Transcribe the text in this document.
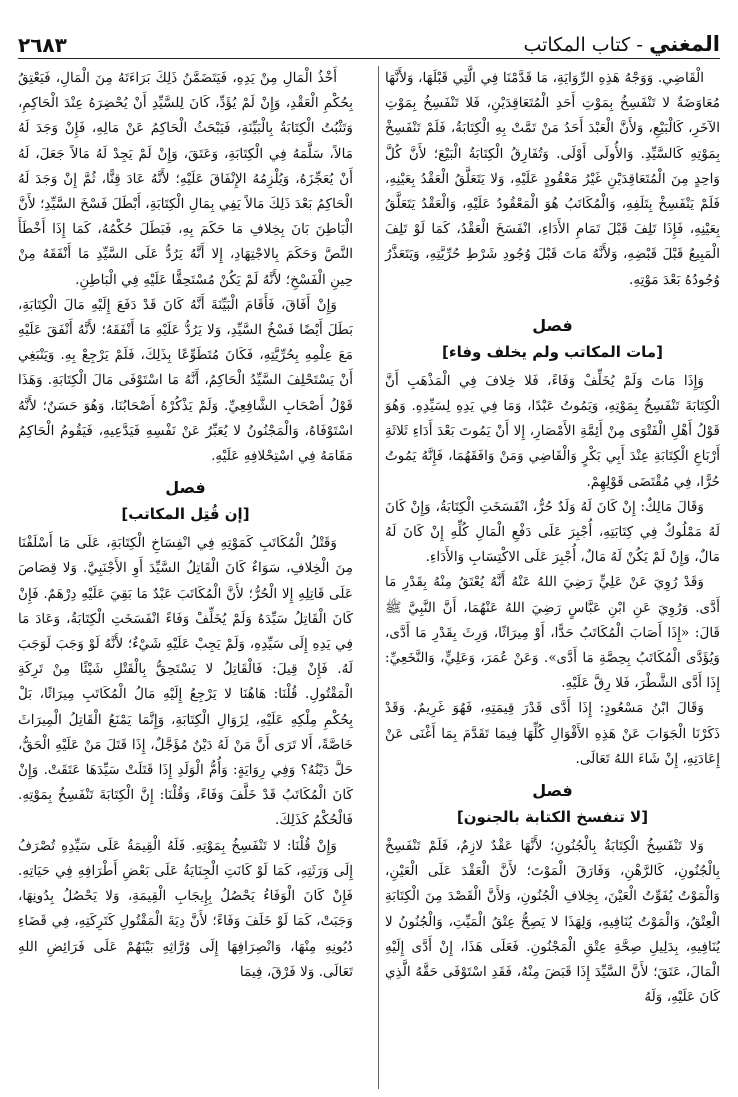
٢٦٨٣	المغني - كتاب المكاتب

الْقَاضِي. وَوَجْهُ هَذِهِ الرِّوَايَةِ، مَا قَدَّمْنَا فِي الَّتِي قَبْلَهَا، وَلأَنَّهَا مُعَاوَضَةٌ لا تَنْفَسِخُ بِمَوْتِ أَحَدِ الْمُتَعَاقِدَيْنِ، فَلا تَنْفَسِخُ بِمَوْتِ الآخَرِ، كَالْبَيْعِ، وَلأَنَّ الْعَبْدَ أَحَدُ مَنْ تَمَّتْ بِهِ الْكِتَابَةُ، فَلَمْ تَنْفَسِخْ بِمَوْتِهِ كَالسَّيِّدِ. وَالأُولَى أَوْلَى. وَتُفَارِقُ الْكِتَابَةُ الْبَيْعَ؛ لأَنَّ كُلَّ وَاحِدٍ مِنَ الْمُتَعَاقِدَيْنِ غَيْرُ مَعْقُودٍ عَلَيْهِ، وَلا يَتَعَلَّقُ الْعَقْدُ بِعَيْنِهِ، فَلَمْ يَنْفَسِخْ بِتَلَفِهِ، وَالْمُكَاتَبُ هُوَ الْمَعْقُودُ عَلَيْهِ، وَالْعَقْدُ يَتَعَلَّقُ بِعَيْنِهِ، فَإِذَا تَلِفَ قَبْلَ تَمَامِ الأَدَاءِ، انْفَسَخَ الْعَقْدُ، كَمَا لَوْ تَلِفَ الْمَبِيعُ قَبْلَ قَبْضِهِ، وَلأَنَّهُ مَاتَ قَبْلَ وُجُودِ شَرْطِ حُرِّيَّتِهِ، وَيَتَعَذَّرُ وُجُودُهُ بَعْدَ مَوْتِهِ.

فصل
[مات المكاتب ولم يخلف وفاء]

وَإِذَا مَاتَ وَلَمْ يُخَلِّفْ وَفَاءً، فَلا خِلافَ فِي الْمَذْهَبِ أَنَّ الْكِتَابَةَ تَنْفَسِخُ بِمَوْتِهِ، وَيَمُوتُ عَبْدًا، وَمَا فِي يَدِهِ لِسَيِّدِهِ. وَهُوَ قَوْلُ أَهْلِ الْفَتْوَى مِنْ أَئِمَّةِ الأَمْصَارِ، إِلا أَنْ يَمُوتَ بَعْدَ أَدَاءِ ثَلاثَةِ أَرْبَاعِ الْكِتَابَةِ عِنْدَ أَبِي بَكْرٍ وَالْقَاضِي وَمَنْ وَافَقَهُمَا، فَإِنَّهُ يَمُوتُ حُرًّا، فِي مُقْتَضَى قَوْلِهِمْ.

وَقَالَ مَالِكٌ: إِنْ كَانَ لَهُ وَلَدٌ حُرٌّ، انْفَسَخَتِ الْكِتَابَةُ، وَإِنْ كَانَ لَهُ مَمْلُوكٌ فِي كِتَابَتِهِ، أُجْبِرَ عَلَى دَفْعِ الْمَالِ كُلِّهِ إِنْ كَانَ لَهُ مَالٌ، وَإِنْ لَمْ يَكُنْ لَهُ مَالٌ، أُجْبِرَ عَلَى الاكْتِسَابِ وَالأَدَاءِ.

وَقَدْ رُوِيَ عَنْ عَلِيٍّ رَضِيَ اللهُ عَنْهُ أَنَّهُ يُعْتَقُ مِنْهُ بِقَدْرِ مَا أَدَّى. وَرُوِيَ عَنِ ابْنِ عَبَّاسٍ رَضِيَ اللهُ عَنْهُمَا، أَنَّ النَّبِيَّ ﷺ قَالَ: «إِذَا أَصَابَ الْمُكَاتَبُ حَدًّا، أَوْ مِيرَاثًا، وَرِثَ بِقَدْرِ مَا أَدَّى، وَيُؤَدَّى الْمُكَاتَبُ بِحِصَّةِ مَا أَدَّى». وَعَنْ عُمَرَ، وَعَلِيٍّ، وَالنَّخَعِيِّ: إِذَا أَدَّى الشَّطْرَ، فَلا رِقَّ عَلَيْهِ.

وَقَالَ ابْنُ مَسْعُودٍ: إِذَا أَدَّى قَدْرَ قِيمَتِهِ، فَهُوَ غَرِيمٌ. وَقَدْ ذَكَرْنَا الْجَوَابَ عَنْ هَذِهِ الأَقْوَالِ كُلِّهَا فِيمَا تَقَدَّمَ بِمَا أَغْنَى عَنْ إِعَادَتِهِ، إِنْ شَاءَ اللهُ تَعَالَى.

فصل
[لا تنفسخ الكتابة بالجنون]

وَلا تَنْفَسِخُ الْكِتَابَةُ بِالْجُنُونِ؛ لأَنَّهَا عَقْدٌ لازِمٌ، فَلَمْ تَنْفَسِخْ بِالْجُنُونِ، كَالرَّهْنِ، وَفَارَقَ الْمَوْتَ؛ لأَنَّ الْعَقْدَ عَلَى الْعَيْنِ، وَالْمَوْتُ يُفَوِّتُ الْعَيْنَ، بِخِلافِ الْجُنُونِ، وَلأَنَّ الْقَصْدَ مِنَ الْكِتَابَةِ الْعِتْقُ، وَالْمَوْتُ يُنَافِيهِ، وَلِهَذَا لا يَصِحُّ عِتْقُ الْمَيِّتِ، وَالْجُنُونُ لا يُنَافِيهِ، بِدَلِيلِ صِحَّةِ عِتْقِ الْمَجْنُونِ. فَعَلَى هَذَا، إِنْ أَدَّى إِلَيْهِ الْمَالَ، عَتَقَ؛ لأَنَّ السَّيِّدَ إِذَا قَبَضَ مِنْهُ، فَقَدِ اسْتَوْفَى حَقَّهُ الَّذِي كَانَ عَلَيْهِ، وَلَهُ

أَخْذُ الْمَالِ مِنْ يَدِهِ، فَيَتَضَمَّنُ ذَلِكَ بَرَاءَتَهُ مِنَ الْمَالِ، فَيَعْتِقُ بِحُكْمِ الْعَقْدِ، وَإِنْ لَمْ يُؤَدِّ، كَانَ لِلسَّيِّدِ أَنْ يُحْضِرَهُ عِنْدَ الْحَاكِمِ، وَتَثْبُتُ الْكِتَابَةُ بِالْبَيِّنَةِ، فَيَبْحَثُ الْحَاكِمُ عَنْ مَالِهِ، فَإِنْ وَجَدَ لَهُ مَالاً، سَلَّمَهُ فِي الْكِتَابَةِ، وَعَتَقَ، وَإِنْ لَمْ يَجِدْ لَهُ مَالاً جَعَلَ، لَهُ أَنْ يُعَجِّزَهُ، وَيُلْزِمُهُ الإِنْفَاقَ عَلَيْهِ؛ لأَنَّهُ عَادَ قِنًّا، ثُمَّ إِنْ وَجَدَ لَهُ الْحَاكِمُ بَعْدَ ذَلِكَ مَالاً يَفِي بِمَالِ الْكِتَابَةِ، أَبْطَلَ فَسْخَ السَّيِّدِ؛ لأَنَّ الْبَاطِنَ بَانَ بِخِلافِ مَا حَكَمَ بِهِ، فَبَطَلَ حُكْمُهُ، كَمَا إِذَا أَخْطَأَ النَّصَّ وَحَكَمَ بِالاجْتِهَادِ، إِلا أَنَّهُ يَرُدُّ عَلَى السَّيِّدِ مَا أَنْفَقَهُ مِنْ حِينِ الْفَسْخِ؛ لأَنَّهُ لَمْ يَكُنْ مُسْتَحِقًّا عَلَيْهِ فِي الْبَاطِنِ.

وَإِنْ أَفَاقَ، فَأَقَامَ الْبَيِّنَةَ أَنَّهُ كَانَ قَدْ دَفَعَ إِلَيْهِ مَالَ الْكِتَابَةِ، بَطَلَ أَيْضًا فَسْخُ السَّيِّدِ، وَلا يَرُدُّ عَلَيْهِ مَا أَنْفَقَهُ؛ لأَنَّهُ أَنْفَقَ عَلَيْهِ مَعَ عِلْمِهِ بِحُرِّيَّتِهِ، فَكَانَ مُتَطَوِّعًا بِذَلِكَ، فَلَمْ يَرْجِعْ بِهِ. وَيَنْبَغِي أَنْ يَسْتَحْلِفَ السَّيِّدُ الْحَاكِمُ، أَنَّهُ مَا اسْتَوْفَى مَالَ الْكِتَابَةِ. وَهَذَا قَوْلُ أَصْحَابِ الشَّافِعِيِّ. وَلَمْ يَذْكُرْهُ أَصْحَابُنَا، وَهُوَ حَسَنٌ؛ لأَنَّهُ اسْتَوْفَاهُ، وَالْمَجْنُونُ لا يُعَبِّرُ عَنْ نَفْسِهِ فَيَدَّعِيهِ، فَيَقُومُ الْحَاكِمُ مَقَامَهُ فِي اسْتِحْلافِهِ عَلَيْهِ.

فصل
[إن قُتِل المكاتب]

وَقَتْلُ الْمُكَاتَبِ كَمَوْتِهِ فِي انْفِسَاخِ الْكِتَابَةِ، عَلَى مَا أَسْلَفْنَا مِنَ الْخِلافِ، سَوَاءٌ كَانَ الْقَاتِلُ السَّيِّدَ أَوِ الأَجْنَبِيَّ. وَلا قِصَاصَ عَلَى قَاتِلِهِ إِلا الْحُرُّ؛ لأَنَّ الْمُكَاتَبَ عَبْدٌ مَا بَقِيَ عَلَيْهِ دِرْهَمٌ. فَإِنْ كَانَ الْقَاتِلُ سَيِّدَهُ وَلَمْ يُخَلِّفْ وَفَاءً انْفَسَخَتِ الْكِتَابَةُ، وَعَادَ مَا فِي يَدِهِ إِلَى سَيِّدِهِ، وَلَمْ يَجِبْ عَلَيْهِ شَيْءٌ؛ لأَنَّهُ لَوْ وَجَبَ لَوَجَبَ لَهُ. فَإِنْ قِيلَ: فَالْقَاتِلُ لا يَسْتَحِقُّ بِالْقَتْلِ شَيْئًا مِنْ تَرِكَةِ الْمَقْتُولِ. قُلْنَا: هَاهُنَا لا يَرْجِعُ إِلَيْهِ مَالُ الْمُكَاتَبِ مِيرَاثًا، بَلْ بِحُكْمِ مِلْكِهِ عَلَيْهِ، لِزَوَالِ الْكِتَابَةِ، وَإِنَّمَا يَمْنَعُ الْقَاتِلُ الْمِيرَاثَ خَاصَّةً، أَلا تَرَى أَنَّ مَنْ لَهُ دَيْنٌ مُؤَجَّلٌ، إِذَا قَتَلَ مَنْ عَلَيْهِ الْحَقُّ، حَلَّ دَيْنُهُ؟ وَفِي رِوَايَةٍ: وَأُمُّ الْوَلَدِ إِذَا قَتَلَتْ سَيِّدَهَا عَتَقَتْ. وَإِنْ كَانَ الْمُكَاتَبُ قَدْ خَلَّفَ وَفَاءً، وَقُلْنَا: إِنَّ الْكِتَابَةَ تَنْفَسِخُ بِمَوْتِهِ. فَالْحُكْمُ كَذَلِكَ.

وَإِنْ قُلْنَا: لا تَنْفَسِخُ بِمَوْتِهِ. فَلَهُ الْقِيمَةُ عَلَى سَيِّدِهِ تُصْرَفُ إِلَى وَرَثَتِهِ، كَمَا لَوْ كَانَتِ الْجِنَايَةُ عَلَى بَعْضِ أَطْرَافِهِ فِي حَيَاتِهِ. فَإِنْ كَانَ الْوَفَاءُ يَحْصُلُ بِإِيجَابِ الْقِيمَةِ، وَلا يَحْصُلُ بِدُونِهَا، وَجَبَتْ، كَمَا لَوْ خَلَفَ وَفَاءً؛ لأَنَّ دِيَةَ الْمَقْتُولِ كَتَرِكَتِهِ، فِي قَضَاءِ دُيُونِهِ مِنْهَا، وَانْصِرَافِهَا إِلَى وُرَّاثِهِ بَيْنَهُمْ عَلَى فَرَائِضِ اللهِ تَعَالَى. وَلا فَرْقَ، فِيمَا
